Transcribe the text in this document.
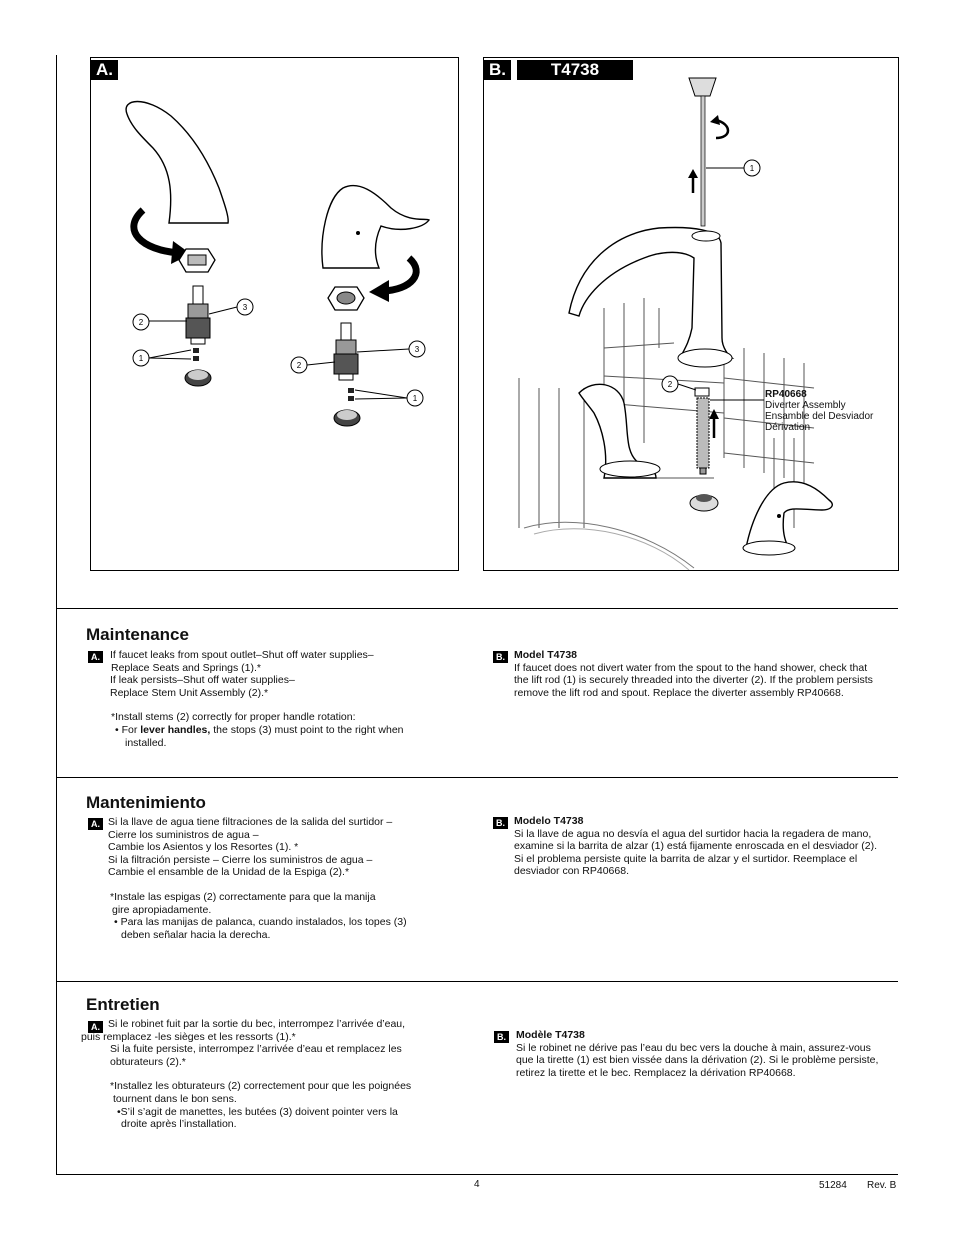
A.
2
3
1
2
3
1
B.	T4738
1
2
RP40668
Diverter Assembly
Ensamble del Desviador
Dérivation
Maintenance
A. If faucet leaks from spout outlet–Shut off water supplies–
Replace Seats and Springs (1).*
If leak persists–Shut off water supplies–
Replace Stem Unit Assembly (2).*
*Install stems (2) correctly for proper handle rotation:
• For lever handles, the stops (3) must point to the right when
installed.
B. Model T4738
If faucet does not divert water from the spout to the hand shower, check that
the lift rod (1) is securely threaded into the diverter (2). If the problem persists
remove the lift rod and spout. Replace the diverter assembly RP40668.
Mantenimiento
A. Si la llave de agua tiene filtraciones de la salida del surtidor –
Cierre los suministros de agua –
Cambie los Asientos y los Resortes (1). *
Si la filtración persiste – Cierre los suministros de agua –
Cambie el ensamble de la Unidad de la Espiga (2).*
*Instale las espigas (2) correctamente para que la manija
gire apropiadamente.
• Para las manijas de palanca, cuando instalados, los topes (3)
deben señalar hacia la derecha.
B. Modelo T4738
Si la llave de agua no desvía el agua del surtidor hacia la regadera de mano,
examine si la barrita de alzar (1) está fijamente enroscada en el desviador (2).
Si el problema persiste quite la barrita de alzar y el surtidor. Reemplace el
desviador con RP40668.
Entretien
A. Si le robinet fuit par la sortie du bec, interrompez l’arrivée d’eau,
puis remplacez -les sièges et les ressorts (1).*
Si la fuite persiste, interrompez l’arrivée d’eau et remplacez les
obturateurs (2).*
*Installez les obturateurs (2) correctement pour que les poignées
tournent dans le bon sens.
•S’il s’agit de manettes, les butées (3) doivent pointer vers la
droite après l’installation.
B. Modèle T4738
Si le robinet ne dérive pas l’eau du bec vers la douche à main, assurez-vous
que la tirette (1) est bien vissée dans la dérivation (2). Si le problème persiste,
retirez la tirette et le bec. Remplacez la dérivation RP40668.
4	51284 Rev. B
